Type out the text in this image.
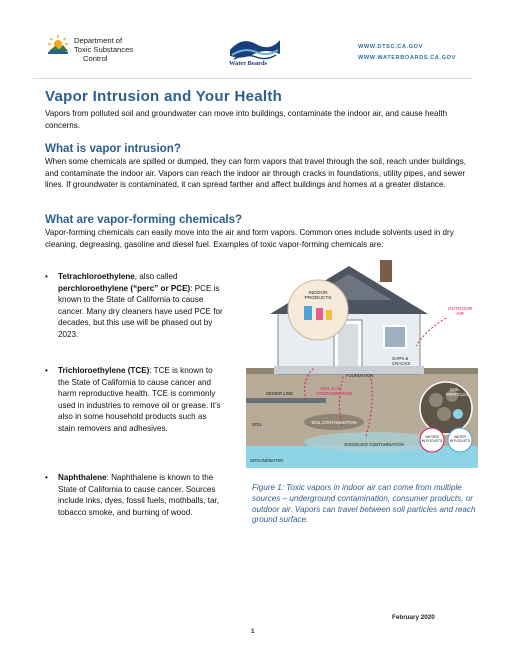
Department of
Toxic Substances
Control
Water Boards
WWW.DTSC.CA.GOV
WWW.WATERBOARDS.CA.GOV
Vapor Intrusion and Your Health

Vapors from polluted soil and groundwater can move into buildings, contaminate the indoor air, and cause health concerns.

What is vapor intrusion?

When some chemicals are spilled or dumped, they can form vapors that travel through the soil, reach under buildings, and contaminate the indoor air. Vapors can reach the indoor air through cracks in foundations, utility pipes, and sewer lines. If groundwater is contaminated, it can spread farther and affect buildings and homes at a greater distance.

What are vapor-forming chemicals?

Vapor-forming chemicals can easily move into the air and form vapors. Common ones include solvents used in dry cleaning, degreasing, gasoline and diesel fuel. Examples of toxic vapor-forming chemicals are:

• Tetrachloroethylene, also called perchloroethylene (“perc” or PCE): PCE is known to the State of California to cause cancer. Many dry cleaners have used PCE for decades, but this use will be phased out by 2023.
• Trichloroethylene (TCE): TCE is known to the State of California to cause cancer and harm reproductive health. TCE is commonly used in industries to remove oil or grease. It’s also in some household products such as stain removers and adhesives.
• Naphthalene: Naphthalene is known to the State of California to cause cancer. Sources include inks, dyes, fossil fuels, mothballs, tar, tobacco smoke, and burning of wood.
INDOOR
PRODUCTS
OUTDOOR
AIR
FOUNDATION
GAPS &
CRACKS
SEWER LINE
SOIL GAS
CONTAMINATION
SOIL	SOIL CONTAMINATION
DISSOLVED CONTAMINATION
GROUNDWATER
SOIL
PARTICLES
VAPORS
IN POCKETS
WATER
IN POCKETS
Figure 1: Toxic vapors in indoor air can come from multiple sources – underground contamination, consumer products, or outdoor air. Vapors can travel between soil particles and reach ground surface.
February 2020
1
